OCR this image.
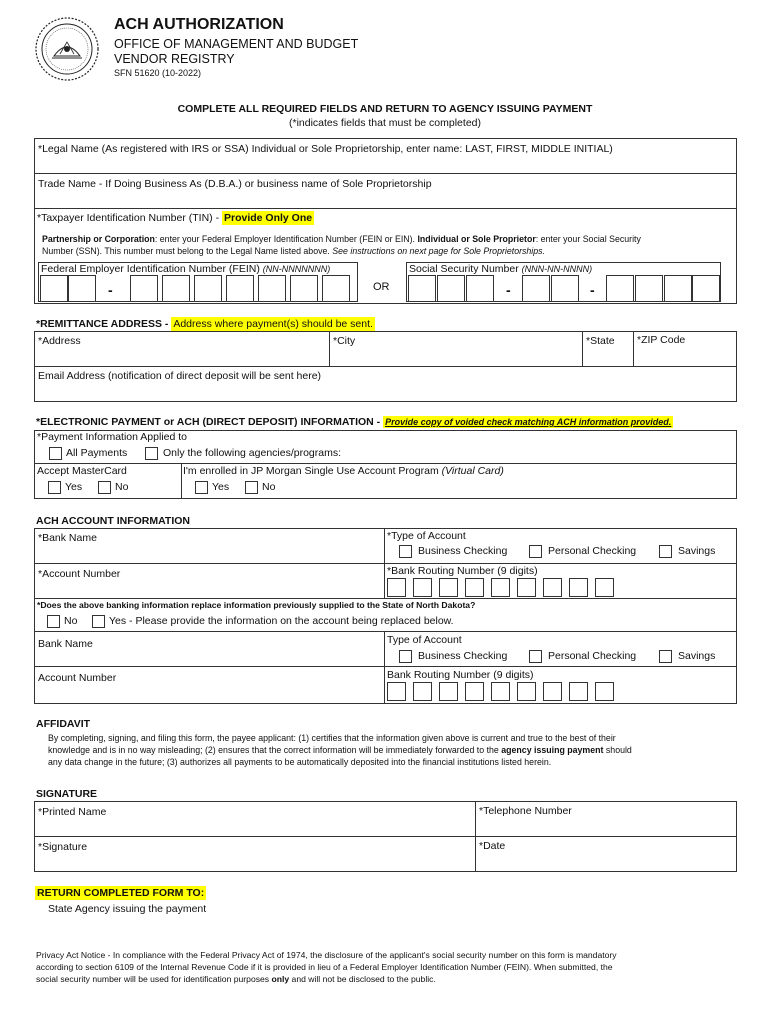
ACH AUTHORIZATION
OFFICE OF MANAGEMENT AND BUDGET
VENDOR REGISTRY
SFN 51620 (10-2022)
COMPLETE ALL REQUIRED FIELDS AND RETURN TO AGENCY ISSUING PAYMENT
(*indicates fields that must be completed)
*Legal Name (As registered with IRS or SSA) Individual or Sole Proprietorship, enter name: LAST, FIRST, MIDDLE INITIAL)
Trade Name - If Doing Business As (D.B.A.) or business name of Sole Proprietorship
*Taxpayer Identification Number (TIN) - Provide Only One
Partnership or Corporation: enter your Federal Employer Identification Number (FEIN or EIN). Individual or Sole Proprietor: enter your Social Security
Number (SSN). This number must belong to the Legal Name listed above. See instructions on next page for Sole Proprietorships.
Federal Employer Identification Number (FEIN) (NN-NNNNNNN)
-	OR
Social Security Number (NNN-NN-NNNN)
-	-
*REMITTANCE ADDRESS - Address where payment(s) should be sent.
*Address	*City	*State *ZIP Code
Email Address (notification of direct deposit will be sent here)
*ELECTRONIC PAYMENT or ACH (DIRECT DEPOSIT) INFORMATION - Provide copy of voided check matching ACH information provided.
*Payment Information Applied to
All Payments	Only the following agencies/programs:
Accept MasterCard
Yes	No
I'm enrolled in JP Morgan Single Use Account Program (Virtual Card)
Yes	No
ACH ACCOUNT INFORMATION
*Bank Name	*Type of Account
Business Checking	Personal Checking	Savings
*Account Number	*Bank Routing Number (9 digits)
*Does the above banking information replace information previously supplied to the State of North Dakota?
No	Yes - Please provide the information on the account being replaced below.
Bank Name	Type of Account
Business Checking	Personal Checking	Savings
Account Number	Bank Routing Number (9 digits)
AFFIDAVIT
By completing, signing, and filing this form, the payee applicant: (1) certifies that the information given above is current and true to the best of their
knowledge and is in no way misleading; (2) ensures that the correct information will be immediately forwarded to the agency issuing payment should
any data change in the future; (3) authorizes all payments to be automatically deposited into the financial institutions listed herein.
SIGNATURE
*Printed Name	*Telephone Number
*Signature	*Date
RETURN COMPLETED FORM TO:
State Agency issuing the payment
Privacy Act Notice - In compliance with the Federal Privacy Act of 1974, the disclosure of the applicant's social security number on this form is mandatory
according to section 6109 of the Internal Revenue Code if it is provided in lieu of a Federal Employer Identification Number (FEIN). When submitted, the
social security number will be used for identification purposes only and will not be disclosed to the public.
